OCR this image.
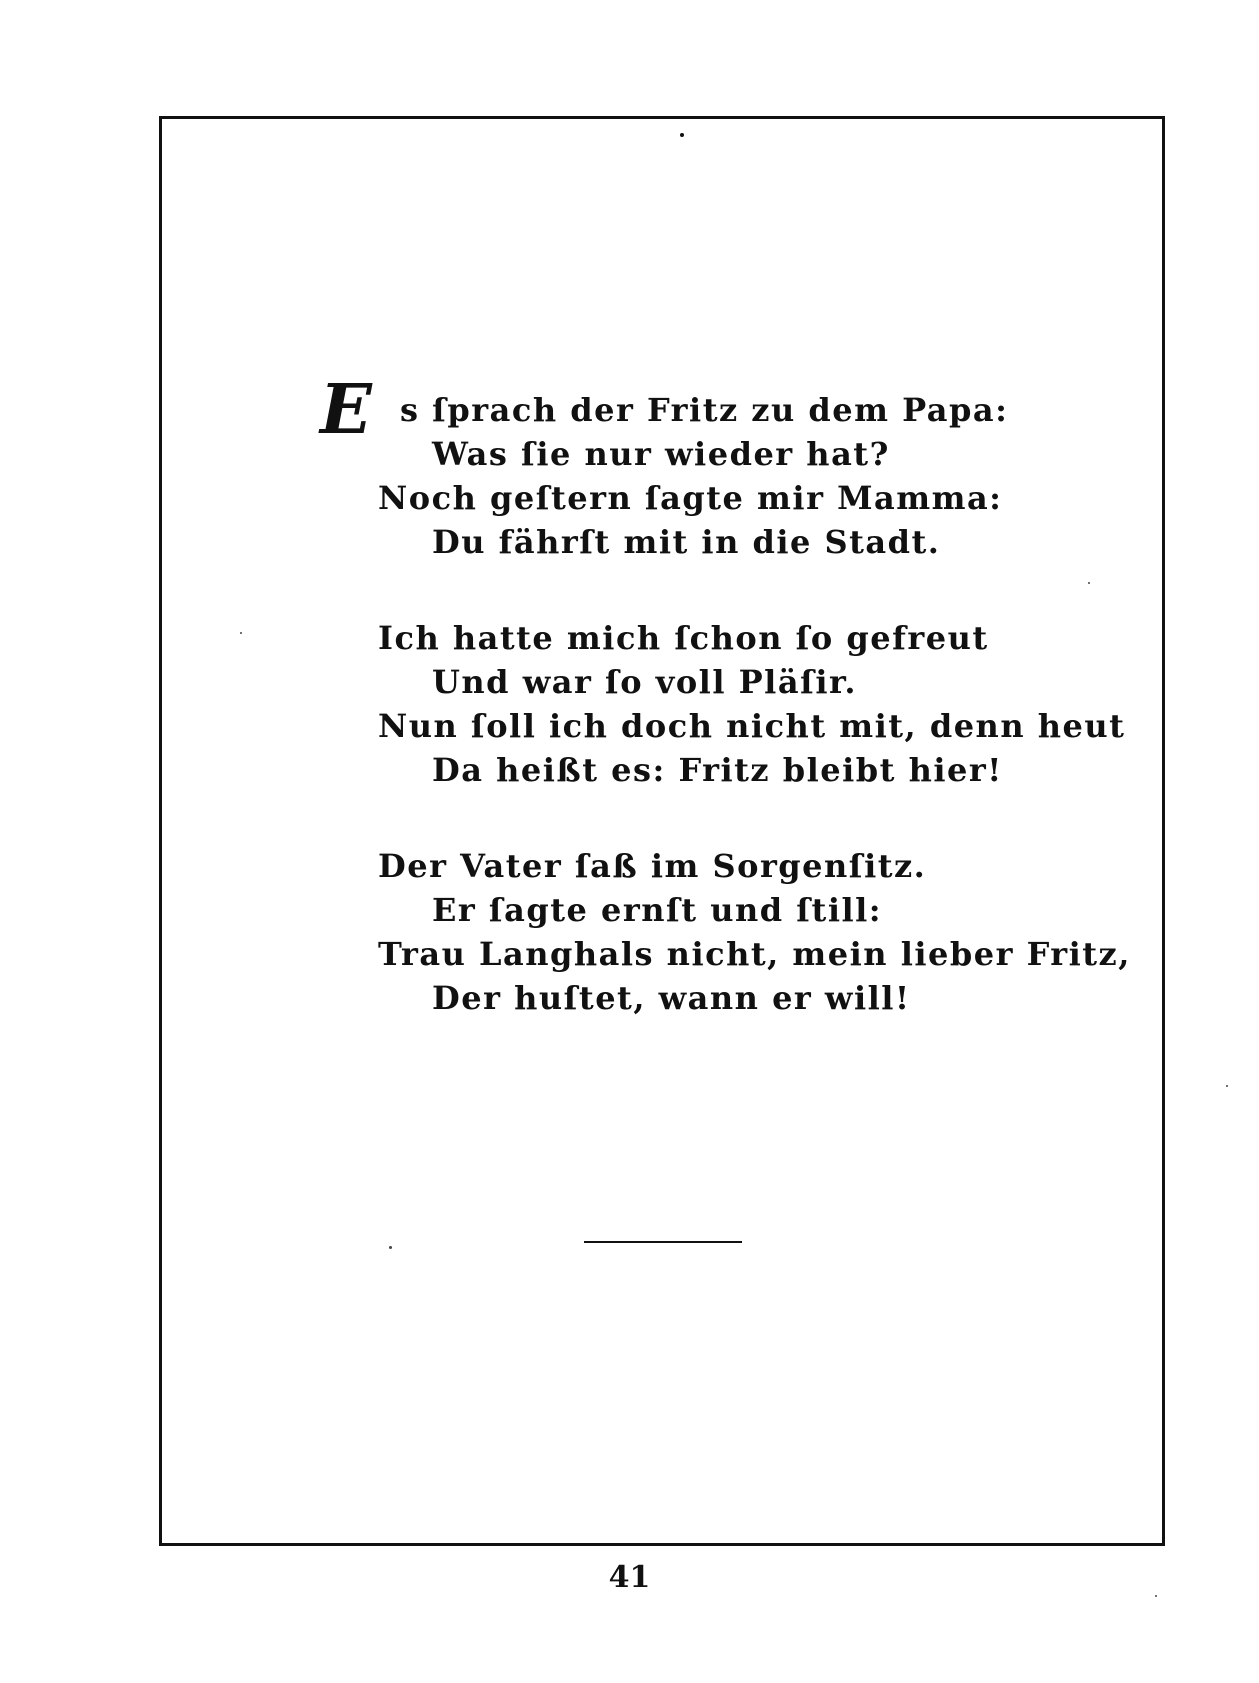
E s ſprach der Fritz zu dem Papa:
Was ſie nur wieder hat?
Noch geſtern ſagte mir Mamma:
Du fährſt mit in die Stadt.
Ich hatte mich ſchon ſo gefreut
Und war ſo voll Pläſir.
Nun ſoll ich doch nicht mit, denn heut
Da heißt es: Fritz bleibt hier!
Der Vater ſaß im Sorgenſitz.
Er ſagte ernſt und ſtill:
Trau Langhals nicht, mein lieber Fritz,
Der huſtet, wann er will!
41
